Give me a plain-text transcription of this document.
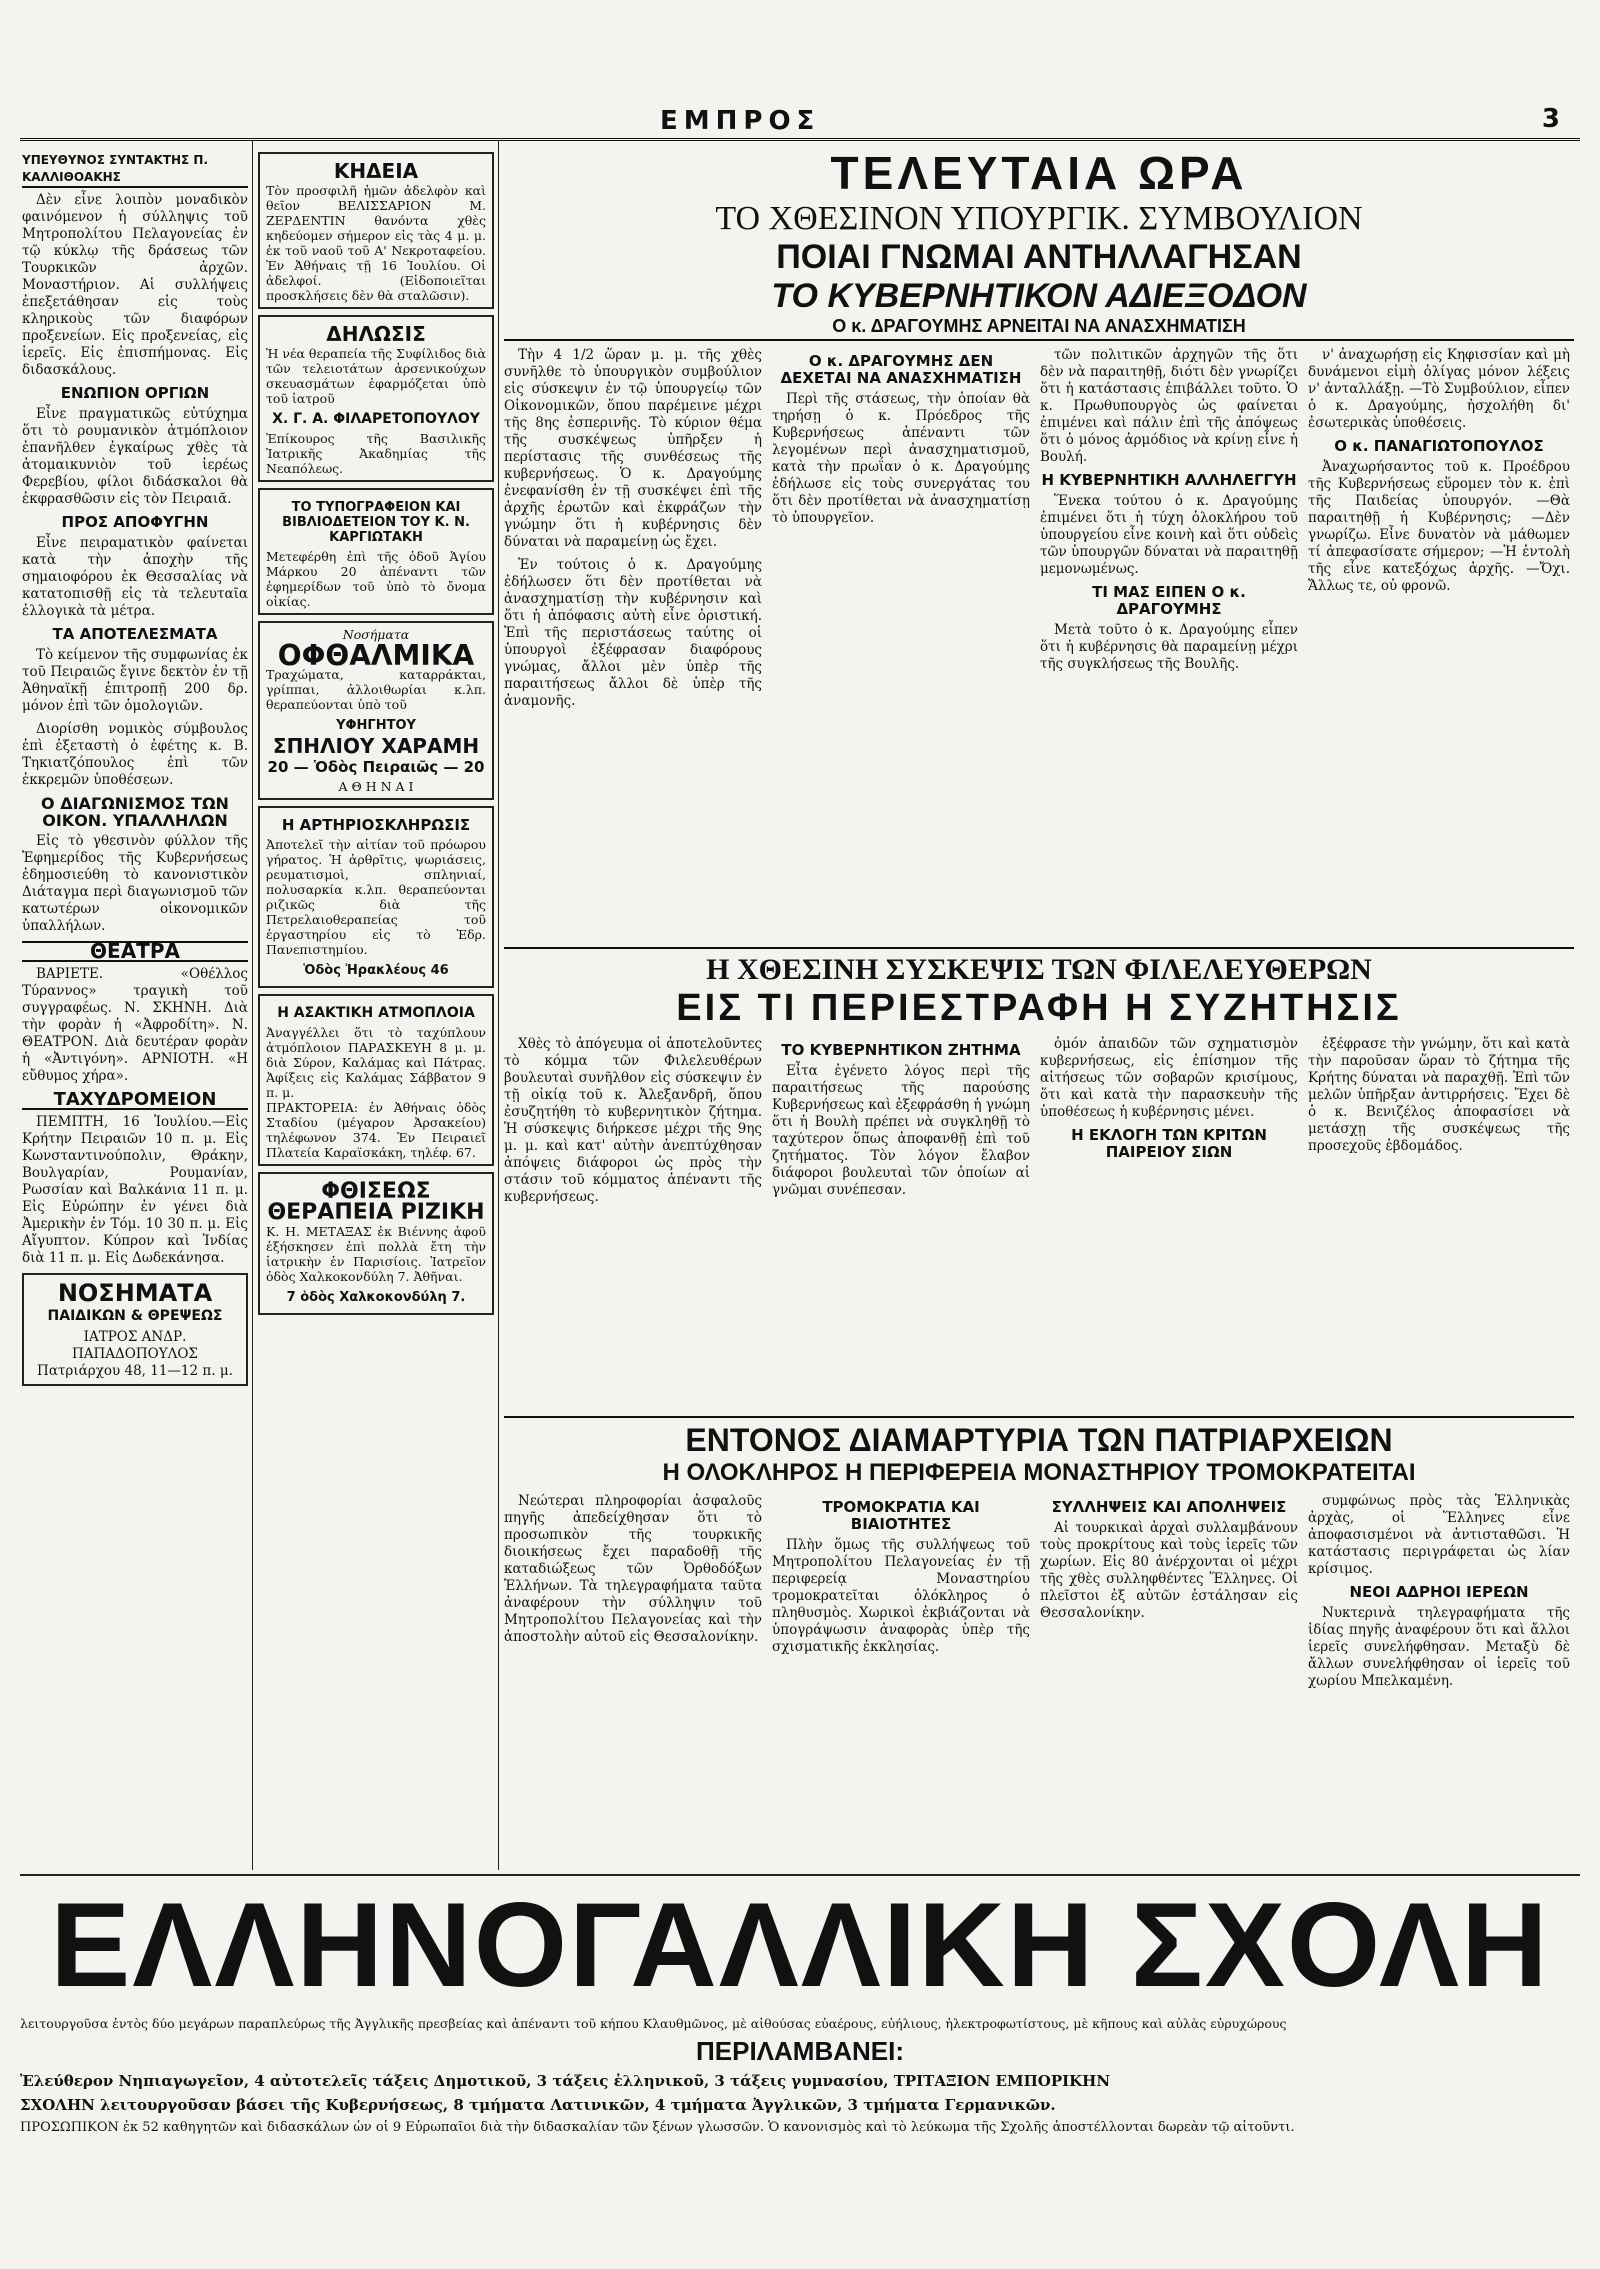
ΕΜΠΡΟΣ	3
ΥΠΕΥΘΥΝΟΣ ΣΥΝΤΑΚΤΗΣ Π. ΚΑΛΛΙΘΟΑΚΗΣ

Δὲν εἶνε λοιπὸν μοναδικὸν φαινόμενον ἡ σύλληψις τοῦ Μητροπολίτου Πελαγονείας ἐν τῷ κύκλῳ τῆς δράσεως τῶν Τουρκικῶν ἀρχῶν. Μοναστήριον. Αἱ συλλήψεις ἐπεξετάθησαν εἰς τοὺς κληρικοὺς τῶν διαφόρων προξενείων. Εἰς προξενείας, εἰς ἱερεῖς. Εἰς ἐπισπήμονας. Εἰς διδασκάλους.

ΕΝΩΠΙΟΝ ΟΡΓΙΩΝ

Εἶνε πραγματικῶς εὐτύχημα ὅτι τὸ ρουμανικὸν ἀτμόπλοιον ἐπανῆλθεν ἐγκαίρως χθὲς τὰ ἀτομαικυνιὸν τοῦ ἱερέως Φερεβίου, φίλοι διδάσκαλοι θὰ ἐκφρασθῶσιν εἰς τὸν Πειραιᾶ.

ΠΡΟΣ ΑΠΟΦΥΓΗΝ

Εἶνε πειραματικὸν φαίνεται κατὰ τὴν ἀποχὴν τῆς σημαιοφόρου ἐκ Θεσσαλίας νὰ κατατοπισθῇ εἰς τὰ τελευταῖα ἐλλογικὰ τὰ μέτρα.

ΤΑ ΑΠΟΤΕΛΕΣΜΑΤΑ

Τὸ κείμενον τῆς συμφωνίας ἐκ τοῦ Πειραιῶς ἔγινε δεκτὸν ἐν τῇ Ἀθηναϊκῇ ἐπιτροπῇ 200 δρ. μόνον ἐπὶ τῶν ὁμολογιῶν.

Διορίσθη νομικὸς σύμβουλος ἐπὶ ἐξεταστὴ ὁ ἐφέτης κ. Β. Τηκιατζόπουλος ἐπὶ τῶν ἐκκρεμῶν ὑποθέσεων.

Ο ΔΙΑΓΩΝΙΣΜΟΣ ΤΩΝ ΟΙΚΟΝ. ΥΠΑΛΛΗΛΩΝ

Εἰς τὸ γθεσινὸν φύλλον τῆς Ἐφημερίδος τῆς Κυβερνήσεως ἐδημοσιεύθη τὸ κανονιστικὸν Διάταγμα περὶ διαγωνισμοῦ τῶν κατωτέρων οἰκονομικῶν ὑπαλλήλων.

ΘΕΑΤΡΑ

ΒΑΡΙΕΤΕ. «Οθέλλος Τύραννος» τραγικὴ τοῦ συγγραφέως. Ν. ΣΚΗΝΗ. Διὰ τὴν φορὰν ἡ «Ἀφροδίτη». Ν. ΘΕΑΤΡΟΝ. Διὰ δευτέραν φορὰν ἡ «Ἀντιγόνη». ΑΡΝΙΟΤΗ. «Η εὔθυμος χήρα».

ΤΑΧΥΔΡΟΜΕΙΟΝ

ΠΕΜΠΤΗ, 16 Ἰουλίου.—Εἰς Κρήτην Πειραιῶν 10 π. μ. Εἰς Κωνσταντινούπολιν, Θράκην, Βουλγαρίαν, Ρουμανίαν, Ρωσσίαν καὶ Βαλκάνια 11 π. μ. Εἰς Εὐρώπην ἐν γένει διὰ Ἀμερικὴν ἐν Τόμ. 10 30 π. μ. Εἰς Αἴγυπτον. Κύπρον καὶ Ἰνδίας διὰ 11 π. μ. Εἰς Δωδεκάνησα.

ΝΟΣΗΜΑΤΑ
ΠΑΙΔΙΚΩΝ & ΘΡΕΨΕΩΣ
ΙΑΤΡΟΣ ΑΝΔΡ. ΠΑΠΑΔΟΠΟΥΛΟΣ
Πατριάρχου 48, 11—12 π. μ.
ΚΗΔΕΙΑ
Τὸν προσφιλῆ ἡμῶν ἀδελφὸν καὶ θεῖον ΒΕΛΙΣΣΑΡΙΟΝ Μ. ΖΕΡΔΕΝΤΙΝ θανόντα χθὲς κηδεύομεν σήμερον εἰς τὰς 4 μ. μ. ἐκ τοῦ ναοῦ τοῦ Α' Νεκροταφείου. Ἐν Ἀθήναις τῇ 16 Ἰουλίου. Οἱ ἀδελφοί. (Εἰδοποιεῖται προσκλήσεις δὲν θὰ σταλῶσιν).
ΔΗΛΩΣΙΣ
Ἡ νέα θεραπεία τῆς Συφίλιδος διὰ τῶν τελειοτάτων ἀρσενικούχων σκευασμάτων ἐφαρμόζεται ὑπὸ τοῦ ἰατροῦ
Χ. Γ. Α. ΦΙΛΑΡΕΤΟΠΟΥΛΟΥ
Ἐπίκουρος τῆς Βασιλικῆς Ἰατρικῆς Ἀκαδημίας τῆς Νεαπόλεως.
ΤΟ ΤΥΠΟΓΡΑΦΕΙΟΝ ΚΑΙ ΒΙΒΛΙΟΔΕΤΕΙΟΝ ΤΟΥ Κ. Ν. ΚΑΡΓΙΩΤΑΚΗ
Μετεφέρθη ἐπὶ τῆς ὁδοῦ Ἁγίου Μάρκου 20 ἀπέναντι τῶν ἐφημερίδων τοῦ ὑπὸ τὸ ὄνομα οἰκίας.
Νοσήματα
ΟΦΘΑΛΜΙΚΑ
Τραχώματα, καταρράκται, γρίππαι, ἀλλοιθωρίαι κ.λπ. θεραπεύονται ὑπὸ τοῦ
ΥΦΗΓΗΤΟΥ
ΣΠΗΛΙΟΥ ΧΑΡΑΜΗ
20 — Ὁδὸς Πειραιῶς — 20
Α Θ Η Ν Α Ι
Η ΑΡΤΗΡΙΟΣΚΛΗΡΩΣΙΣ
Ἀποτελεῖ τὴν αἰτίαν τοῦ πρόωρου γήρατος. Ἡ ἀρθρῖτις, ψωριάσεις, ρευματισμοὶ, σπληνιαί, πολυσαρκία κ.λπ. θεραπεύονται ριζικῶς διὰ τῆς Πετρελαιοθεραπείας τοῦ ἐργαστηρίου εἰς τὸ Ἐδρ. Πανεπιστημίου.
Ὁδὸς Ἠρακλέους 46
Η ΑΣΑΚΤΙΚΗ ΑΤΜΟΠΛΟΙΑ
Ἀναγγέλλει ὅτι τὸ ταχύπλουν ἀτμόπλοιον ΠΑΡΑΣΚΕΥΗ 8 μ. μ. διὰ Σύρον, Καλάμας καὶ Πάτρας. Ἀφίξεις εἰς Καλάμας Σάββατον 9 π. μ.
ΠΡΑΚΤΟΡΕΙΑ: ἐν Ἀθήναις ὁδὸς Σταδίου (μέγαρον Ἀρσακείου) τηλέφωνον 374. Ἐν Πειραιεῖ Πλατεία Καραϊσκάκη, τηλέφ. 67.
ΦΘΙΣΕΩΣ
ΘΕΡΑΠΕΙΑ ΡΙΖΙΚΗ
Κ. Η. ΜΕΤΑΞΑΣ ἐκ Βιέννης ἀφοῦ ἐξήσκησεν ἐπὶ πολλὰ ἔτη τὴν ἰατρικὴν ἐν Παρισίοις. Ἰατρεῖον ὁδὸς Χαλκοκονδύλη 7. Ἀθῆναι.
7 ὁδὸς Χαλκοκονδύλη 7.
ΤΕΛΕΥΤΑΙΑ ΩΡΑ
ΤΟ ΧΘΕΣΙΝΟΝ ΥΠΟΥΡΓΙΚ. ΣΥΜΒΟΥΛΙΟΝ
ΠΟΙΑΙ ΓΝΩΜΑΙ ΑΝΤΗΛΛΑΓΗΣΑΝ
ΤΟ ΚΥΒΕΡΝΗΤΙΚΟΝ ΑΔΙΕΞΟΔΟΝ
Ο κ. ΔΡΑΓΟΥΜΗΣ ΑΡΝΕΙΤΑΙ ΝΑ ΑΝΑΣΧΗΜΑΤΙΣΗ

Τὴν 4 1/2 ὥραν μ. μ. τῆς χθὲς συνῆλθε τὸ ὑπουργικὸν συμβούλιον εἰς σύσκεψιν ἐν τῷ ὑπουργείῳ τῶν Οἰκονομικῶν, ὅπου παρέμεινε μέχρι τῆς 8ης ἐσπερινῆς. Τὸ κύριον θέμα τῆς συσκέψεως ὑπῆρξεν ἡ περίστασις τῆς συνθέσεως τῆς κυβερνήσεως. Ὁ κ. Δραγούμης ἐνεφανίσθη ἐν τῇ συσκέψει ἐπὶ τῆς ἀρχῆς ἐρωτῶν καὶ ἐκφράζων τὴν γνώμην ὅτι ἡ κυβέρνησις δὲν δύναται νὰ παραμείνῃ ὡς ἔχει.

Ἐν τούτοις ὁ κ. Δραγούμης ἐδήλωσεν ὅτι δὲν προτίθεται νὰ ἀνασχηματίσῃ τὴν κυβέρνησιν καὶ ὅτι ἡ ἀπόφασις αὐτὴ εἶνε ὁριστική. Ἐπὶ τῆς περιστάσεως ταύτης οἱ ὑπουργοὶ ἐξέφρασαν διαφόρους γνώμας, ἄλλοι μὲν ὑπὲρ τῆς παραιτήσεως ἄλλοι δὲ ὑπὲρ τῆς ἀναμονῆς.

Ο κ. ΔΡΑΓΟΥΜΗΣ ΔΕΝ ΔΕΧΕΤΑΙ ΝΑ ΑΝΑΣΧΗΜΑΤΙΣΗ

Περὶ τῆς στάσεως, τὴν ὁποίαν θὰ τηρήσῃ ὁ κ. Πρόεδρος τῆς Κυβερνήσεως ἀπέναντι τῶν λεγομένων περὶ ἀνασχηματισμοῦ, κατὰ τὴν πρωΐαν ὁ κ. Δραγούμης ἐδήλωσε εἰς τοὺς συνεργάτας του ὅτι δὲν προτίθεται νὰ ἀνασχηματίσῃ τὸ ὑπουργεῖον.

τῶν πολιτικῶν ἀρχηγῶν τῆς ὅτι δὲν νὰ παραιτηθῇ, διότι δὲν γνωρίζει ὅτι ἡ κατάστασις ἐπιβάλλει τοῦτο. Ὁ κ. Πρωθυπουργὸς ὡς φαίνεται ἐπιμένει καὶ πάλιν ἐπὶ τῆς ἀπόψεως ὅτι ὁ μόνος ἁρμόδιος νὰ κρίνῃ εἶνε ἡ Βουλή.

Η ΚΥΒΕΡΝΗΤΙΚΗ ΑΛΛΗΛΕΓΓΥΗ

Ἕνεκα τούτου ὁ κ. Δραγούμης ἐπιμένει ὅτι ἡ τύχη ὁλοκλήρου τοῦ ὑπουργείου εἶνε κοινὴ καὶ ὅτι οὐδεὶς τῶν ὑπουργῶν δύναται νὰ παραιτηθῇ μεμονωμένως.

ΤΙ ΜΑΣ ΕΙΠΕΝ Ο κ. ΔΡΑΓΟΥΜΗΣ

Μετὰ τοῦτο ὁ κ. Δραγούμης εἶπεν ὅτι ἡ κυβέρνησις θὰ παραμείνῃ μέχρι τῆς συγκλήσεως τῆς Βουλῆς.

ν' ἀναχωρήσῃ εἰς Κηφισσίαν καὶ μὴ δυνάμενοι εἰμὴ ὀλίγας μόνον λέξεις ν' ἀνταλλάξῃ. —Τὸ Συμβούλιον, εἶπεν ὁ κ. Δραγούμης, ἠσχολήθη δι' ἐσωτερικὰς ὑποθέσεις.

Ο κ. ΠΑΝΑΓΙΩΤΟΠΟΥΛΟΣ

Ἀναχωρήσαντος τοῦ κ. Προέδρου τῆς Κυβερνήσεως εὕρομεν τὸν κ. ἐπὶ τῆς Παιδείας ὑπουργόν. —Θὰ παραιτηθῇ ἡ Κυβέρνησις; —Δὲν γνωρίζω. Εἶνε δυνατὸν νὰ μάθωμεν τί ἀπεφασίσατε σήμερον; —Ἡ ἐντολὴ τῆς εἶνε κατεξόχως ἀρχῆς. —Ὄχι. Ἄλλως τε, οὐ φρονῶ.

Η ΧΘΕΣΙΝΗ ΣΥΣΚΕΨΙΣ ΤΩΝ ΦΙΛΕΛΕΥΘΕΡΩΝ
ΕΙΣ ΤΙ ΠΕΡΙΕΣΤΡΑΦΗ Η ΣΥΖΗΤΗΣΙΣ

Χθὲς τὸ ἀπόγευμα οἱ ἀποτελοῦντες τὸ κόμμα τῶν Φιλελευθέρων βουλευταὶ συνῆλθον εἰς σύσκεψιν ἐν τῇ οἰκίᾳ τοῦ κ. Ἀλεξανδρῆ, ὅπου ἐσυζητήθη τὸ κυβερνητικὸν ζήτημα. Ἡ σύσκεψις διήρκεσε μέχρι τῆς 9ης μ. μ. καὶ κατ' αὐτὴν ἀνεπτύχθησαν ἀπόψεις διάφοροι ὡς πρὸς τὴν στάσιν τοῦ κόμματος ἀπέναντι τῆς κυβερνήσεως.

ΤΟ ΚΥΒΕΡΝΗΤΙΚΟΝ ΖΗΤΗΜΑ

Εἶτα ἐγένετο λόγος περὶ τῆς παραιτήσεως τῆς παρούσης Κυβερνήσεως καὶ ἐξεφράσθη ἡ γνώμη ὅτι ἡ Βουλὴ πρέπει νὰ συγκληθῇ τὸ ταχύτερον ὅπως ἀποφανθῇ ἐπὶ τοῦ ζητήματος. Τὸν λόγον ἔλαβον διάφοροι βουλευταὶ τῶν ὁποίων αἱ γνῶμαι συνέπεσαν.

ὁμόν ἀπαιδῶν τῶν σχηματισμὸν κυβερνήσεως, εἰς ἐπίσημον τῆς αἰτήσεως τῶν σοβαρῶν κρισίμους, ὅτι καὶ κατὰ τὴν παρασκευὴν τῆς ὑποθέσεως ἡ κυβέρνησις μένει.

Η ΕΚΛΟΓΗ ΤΩΝ ΚΡΙΤΩΝ ΠΑΙΡΕΙΟΥ ΣΙΩΝ

ἐξέφρασε τὴν γνώμην, ὅτι καὶ κατὰ τὴν παροῦσαν ὥραν τὸ ζήτημα τῆς Κρήτης δύναται νὰ παραχθῇ. Ἐπὶ τῶν μελῶν ὑπῆρξαν ἀντιρρήσεις. Ἔχει δὲ ὁ κ. Βενιζέλος ἀποφασίσει νὰ μετάσχῃ τῆς συσκέψεως τῆς προσεχοῦς ἑβδομάδος.

ΕΝΤΟΝΟΣ ΔΙΑΜΑΡΤΥΡΙΑ ΤΩΝ ΠΑΤΡΙΑΡΧΕΙΩΝ
Η ΟΛΟΚΛΗΡΟΣ Η ΠΕΡΙΦΕΡΕΙΑ ΜΟΝΑΣΤΗΡΙΟΥ ΤΡΟΜΟΚΡΑΤΕΙΤΑΙ

Νεώτεραι πληροφορίαι ἀσφαλοῦς πηγῆς ἀπεδείχθησαν ὅτι τὸ προσωπικὸν τῆς τουρκικῆς διοικήσεως ἔχει παραδοθῇ τῆς καταδιώξεως τῶν Ὀρθοδόξων Ἑλλήνων. Τὰ τηλεγραφήματα ταῦτα ἀναφέρουν τὴν σύλληψιν τοῦ Μητροπολίτου Πελαγονείας καὶ τὴν ἀποστολὴν αὐτοῦ εἰς Θεσσαλονίκην.

ΤΡΟΜΟΚΡΑΤΙΑ ΚΑΙ ΒΙΑΙΟΤΗΤΕΣ

Πλὴν ὅμως τῆς συλλήψεως τοῦ Μητροπολίτου Πελαγονείας ἐν τῇ περιφερείᾳ Μοναστηρίου τρομοκρατεῖται ὁλόκληρος ὁ πληθυσμὸς. Χωρικοὶ ἐκβιάζονται νὰ ὑπογράψωσιν ἀναφορὰς ὑπὲρ τῆς σχισματικῆς ἐκκλησίας.

ΣΥΛΛΗΨΕΙΣ ΚΑΙ ΑΠΟΛΗΨΕΙΣ

Αἱ τουρκικαὶ ἀρχαὶ συλλαμβάνουν τοὺς προκρίτους καὶ τοὺς ἱερεῖς τῶν χωρίων. Εἰς 80 ἀνέρχονται οἱ μέχρι τῆς χθὲς συλληφθέντες Ἕλληνες. Οἱ πλεῖστοι ἐξ αὐτῶν ἐστάλησαν εἰς Θεσσαλονίκην.

συμφώνως πρὸς τὰς Ἑλληνικὰς ἀρχὰς, οἱ Ἕλληνες εἶνε ἀποφασισμένοι νὰ ἀντισταθῶσι. Ἡ κατάστασις περιγράφεται ὡς λίαν κρίσιμος.

ΝΕΟΙ ΑΔΡΗΟΙ ΙΕΡΕΩΝ

Νυκτερινὰ τηλεγραφήματα τῆς ἰδίας πηγῆς ἀναφέρουν ὅτι καὶ ἄλλοι ἱερεῖς συνελήφθησαν. Μεταξὺ δὲ ἄλλων συνελήφθησαν οἱ ἱερεῖς τοῦ χωρίου Μπελκαμένη.

ΕΛΛΗΝΟΓΑΛΛΙΚΗ ΣΧΟΛΗ
λειτουργοῦσα ἐντὸς δύο μεγάρων παραπλεύρως τῆς Ἀγγλικῆς πρεσβείας καὶ ἀπέναντι τοῦ κήπου Κλαυθμῶνος, μὲ αἰθούσας εὐαέρους, εὐήλιους, ἠλεκτροφωτίστους, μὲ κῆπους καὶ αὐλὰς εὐρυχώρους
ΠΕΡΙΛΑΜΒΑΝΕΙ:
Ἐλεύθερον Νηπιαγωγεῖον, 4 αὐτοτελεῖς τάξεις Δημοτικοῦ, 3 τάξεις ἑλληνικοῦ, 3 τάξεις γυμνασίου, ΤΡΙΤΑΞΙΟΝ ΕΜΠΟΡΙΚΗΝ
ΣΧΟΛΗΝ λειτουργοῦσαν βάσει τῆς Κυβερνήσεως, 8 τμήματα Λατινικῶν, 4 τμήματα Ἀγγλικῶν, 3 τμήματα Γερμανικῶν.
ΠΡΟΣΩΠΙΚΟΝ ἐκ 52 καθηγητῶν καὶ διδασκάλων ὧν οἱ 9 Εὐρωπαῖοι διὰ τὴν διδασκαλίαν τῶν ξένων γλωσσῶν. Ὁ κανονισμὸς καὶ τὸ λεύκωμα τῆς Σχολῆς ἀποστέλλονται δωρεὰν τῷ αἰτοῦντι.
